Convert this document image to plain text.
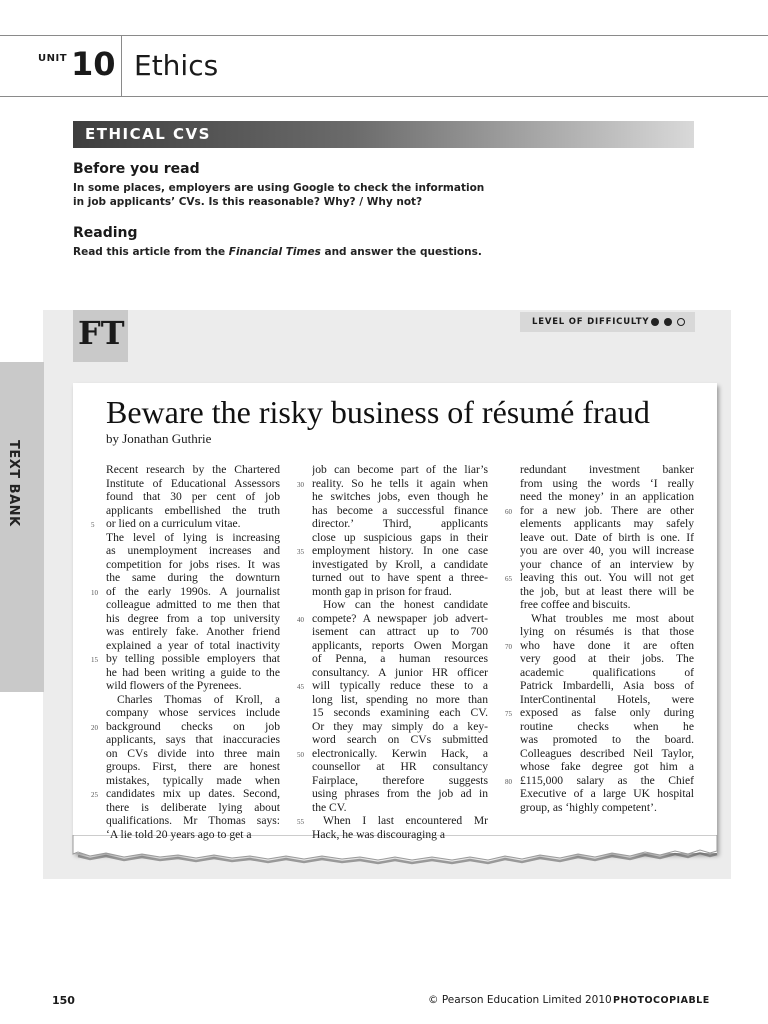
UNIT 10 Ethics
ETHICAL CVS
Before you read
In some places, employers are using Google to check the information
in job applicants’ CVs. Is this reasonable? Why? / Why not?
Reading
Read this article from the Financial Times and answer the questions.
TEXT BANK
FT	LEVEL OF DIFFICULTY
Beware the risky business of résumé fraud
by Jonathan Guthrie
Recent research by the Chartered
Institute of Educational Assessors
found that 30 per cent of job
applicants embellished the truth
or lied on a curriculum vitae.
The level of lying is increasing
as unemployment increases and
competition for jobs rises. It was
the same during the downturn
of the early 1990s. A journalist
colleague admitted to me then that
his degree from a top university
was entirely fake. Another friend
explained a year of total inactivity
by telling possible employers that
he had been writing a guide to the
wild flowers of the Pyrenees.
Charles Thomas of Kroll, a
company whose services include
background checks on job
applicants, says that inaccuracies
on CVs divide into three main
groups. First, there are honest
mistakes, typically made when
candidates mix up dates. Second,
there is deliberate lying about
qualifications. Mr Thomas says:
‘A lie told 20 years ago to get a
job can become part of the liar’s
reality. So he tells it again when
he switches jobs, even though he
has become a successful finance
director.’ Third, applicants
close up suspicious gaps in their
employment history. In one case
investigated by Kroll, a candidate
turned out to have spent a three-
month gap in prison for fraud.
How can the honest candidate
compete? A newspaper job advert-
isement can attract up to 700
applicants, reports Owen Morgan
of Penna, a human resources
consultancy. A junior HR officer
will typically reduce these to a
long list, spending no more than
15 seconds examining each CV.
Or they may simply do a key-
word search on CVs submitted
electronically. Kerwin Hack, a
counsellor at HR consultancy
Fairplace, therefore suggests
using phrases from the job ad in
the CV.
When I last encountered Mr
Hack, he was discouraging a
redundant investment banker
from using the words ‘I really
need the money’ in an application
for a new job. There are other
elements applicants may safely
leave out. Date of birth is one. If
you are over 40, you will increase
your chance of an interview by
leaving this out. You will not get
the job, but at least there will be
free coffee and biscuits.
What troubles me most about
lying on résumés is that those
who have done it are often
very good at their jobs. The
academic qualifications of
Patrick Imbardelli, Asia boss of
InterContinental Hotels, were
exposed as false only during
routine checks when he
was promoted to the board.
Colleagues described Neil Taylor,
whose fake degree got him a
£115,000 salary as the Chief
Executive of a large UK hospital
group, as ‘highly competent’.
5
10
15
20
25
30
35
40
45
50
55
60
65
70
75
80
150	© Pearson Education Limited 2010 PHOTOCOPIABLE
